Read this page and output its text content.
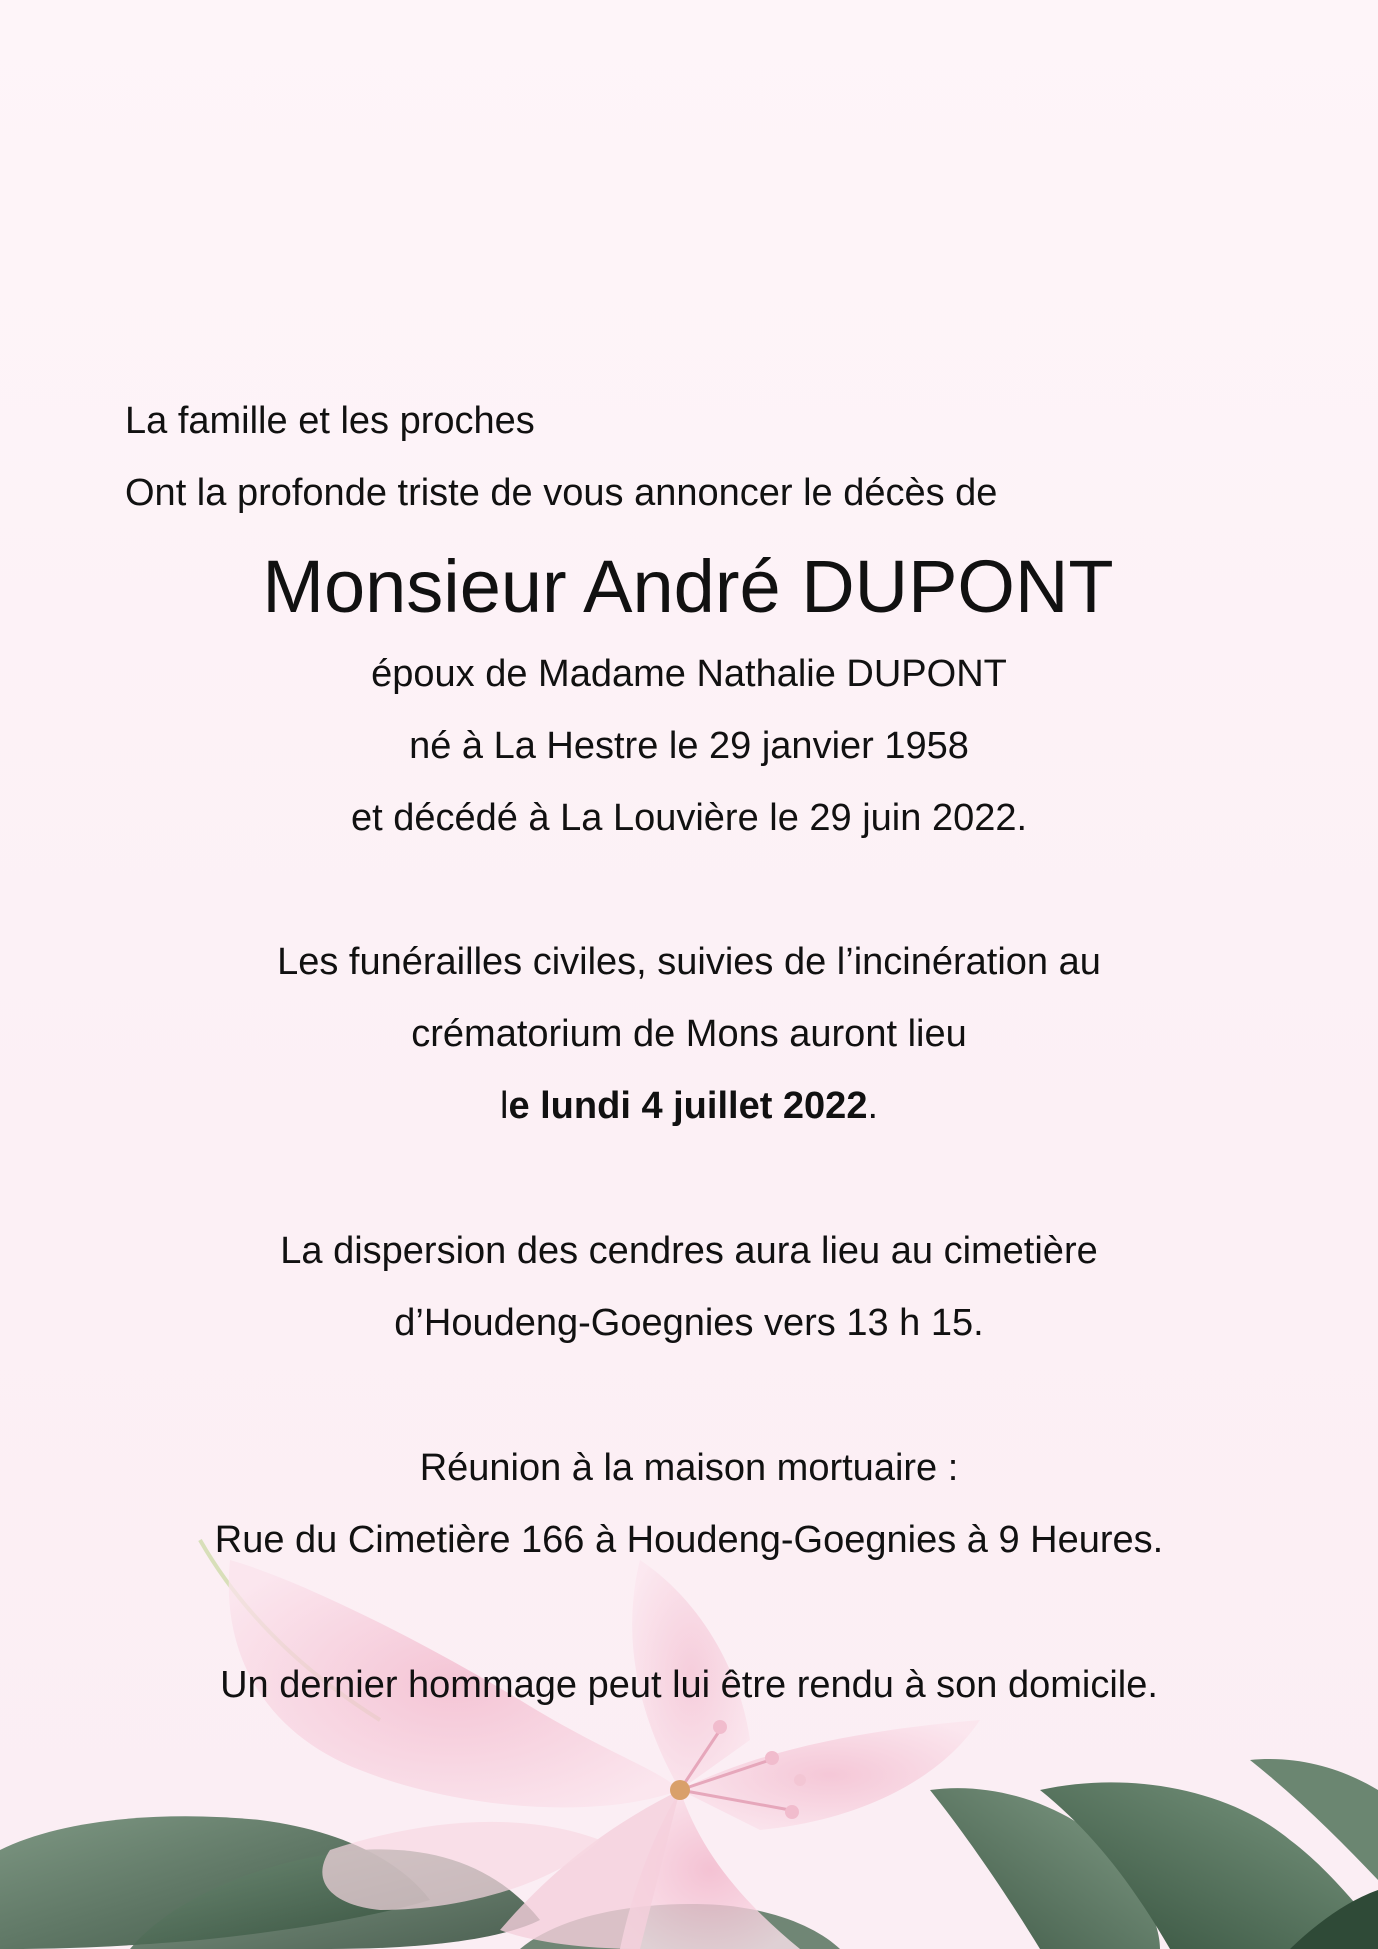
La famille et les proches
Ont la profonde triste de vous annoncer le décès de
Monsieur André DUPONT
époux de Madame Nathalie DUPONT
né à La Hestre le 29 janvier 1958
et décédé à La Louvière le 29 juin 2022.
Les funérailles civiles, suivies de l’incinération au
crématorium de Mons auront lieu
le lundi 4 juillet 2022.
La dispersion des cendres aura lieu au cimetière
d’Houdeng-Goegnies vers 13 h 15.
Réunion à la maison mortuaire :
Rue du Cimetière 166 à Houdeng-Goegnies à 9 Heures.
Un dernier hommage peut lui être rendu à son domicile.
